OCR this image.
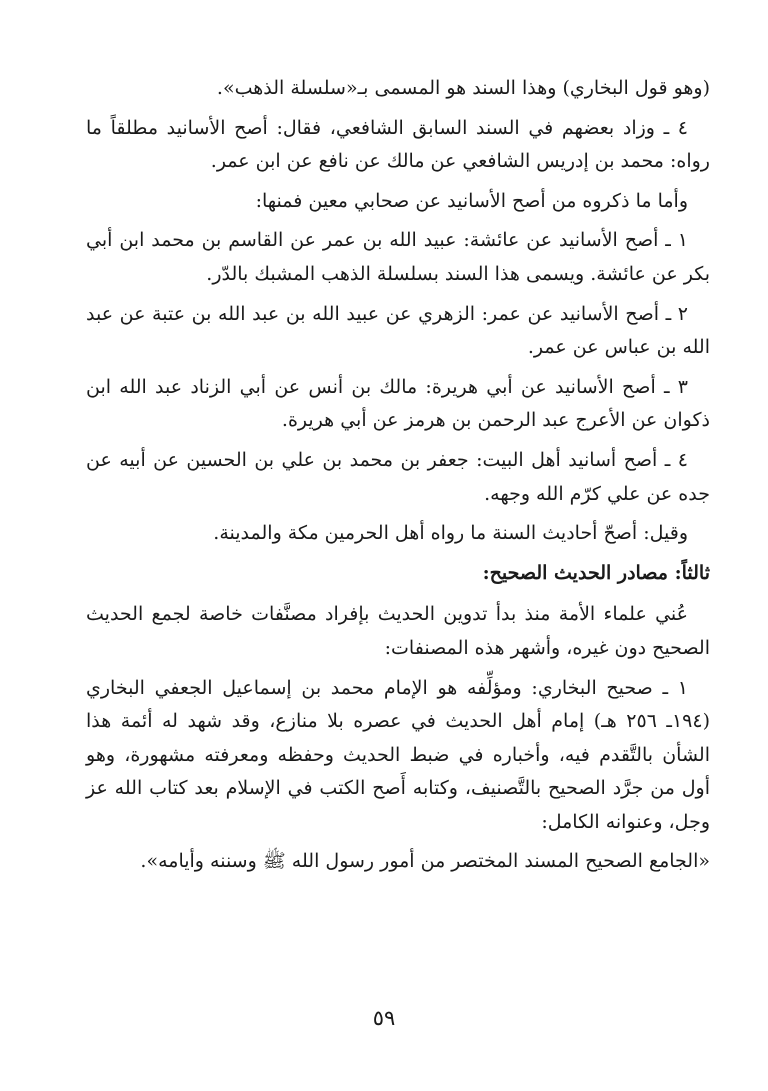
(وهو قول البخاري) وهذا السند هو المسمى بـ«سلسلة الذهب».

٤ ـ وزاد بعضهم في السند السابق الشافعي، فقال: أصح الأسانيد مطلقاً ما رواه: محمد بن إدريس الشافعي عن مالك عن نافع عن ابن عمر.

وأما ما ذكروه من أصح الأسانيد عن صحابي معين فمنها:

١ ـ أصح الأسانيد عن عائشة: عبيد الله بن عمر عن القاسم بن محمد ابن أبي بكر عن عائشة. ويسمى هذا السند بسلسلة الذهب المشبك بالدّر.

٢ ـ أصح الأسانيد عن عمر: الزهري عن عبيد الله بن عبد الله بن عتبة عن عبد الله بن عباس عن عمر.

٣ ـ أصح الأسانيد عن أبي هريرة: مالك بن أنس عن أبي الزناد عبد الله ابن ذكوان عن الأعرج عبد الرحمن بن هرمز عن أبي هريرة.

٤ ـ أصح أسانيد أهل البيت: جعفر بن محمد بن علي بن الحسين عن أبيه عن جده عن علي كرّم الله وجهه.

وقيل: أصحّ أحاديث السنة ما رواه أهل الحرمين مكة والمدينة.

ثالثاً: مصادر الحديث الصحيح:

عُني علماء الأمة منذ بدأ تدوين الحديث بإفراد مصنَّفات خاصة لجمع الحديث الصحيح دون غيره، وأشهر هذه المصنفات:

١ ـ صحيح البخاري: ومؤلِّفه هو الإمام محمد بن إسماعيل الجعفي البخاري (١٩٤ـ ٢٥٦ هـ) إمام أهل الحديث في عصره بلا منازع، وقد شهد له أئمة هذا الشأن بالتَّقدم فيه، وأخباره في ضبط الحديث وحفظه ومعرفته مشهورة، وهو أول من جرَّد الصحيح بالتَّصنيف، وكتابه أَصح الكتب في الإسلام بعد كتاب الله عز وجل، وعنوانه الكامل:

«الجامع الصحيح المسند المختصر من أمور رسول الله ﷺ وسننه وأيامه».

٥٩
